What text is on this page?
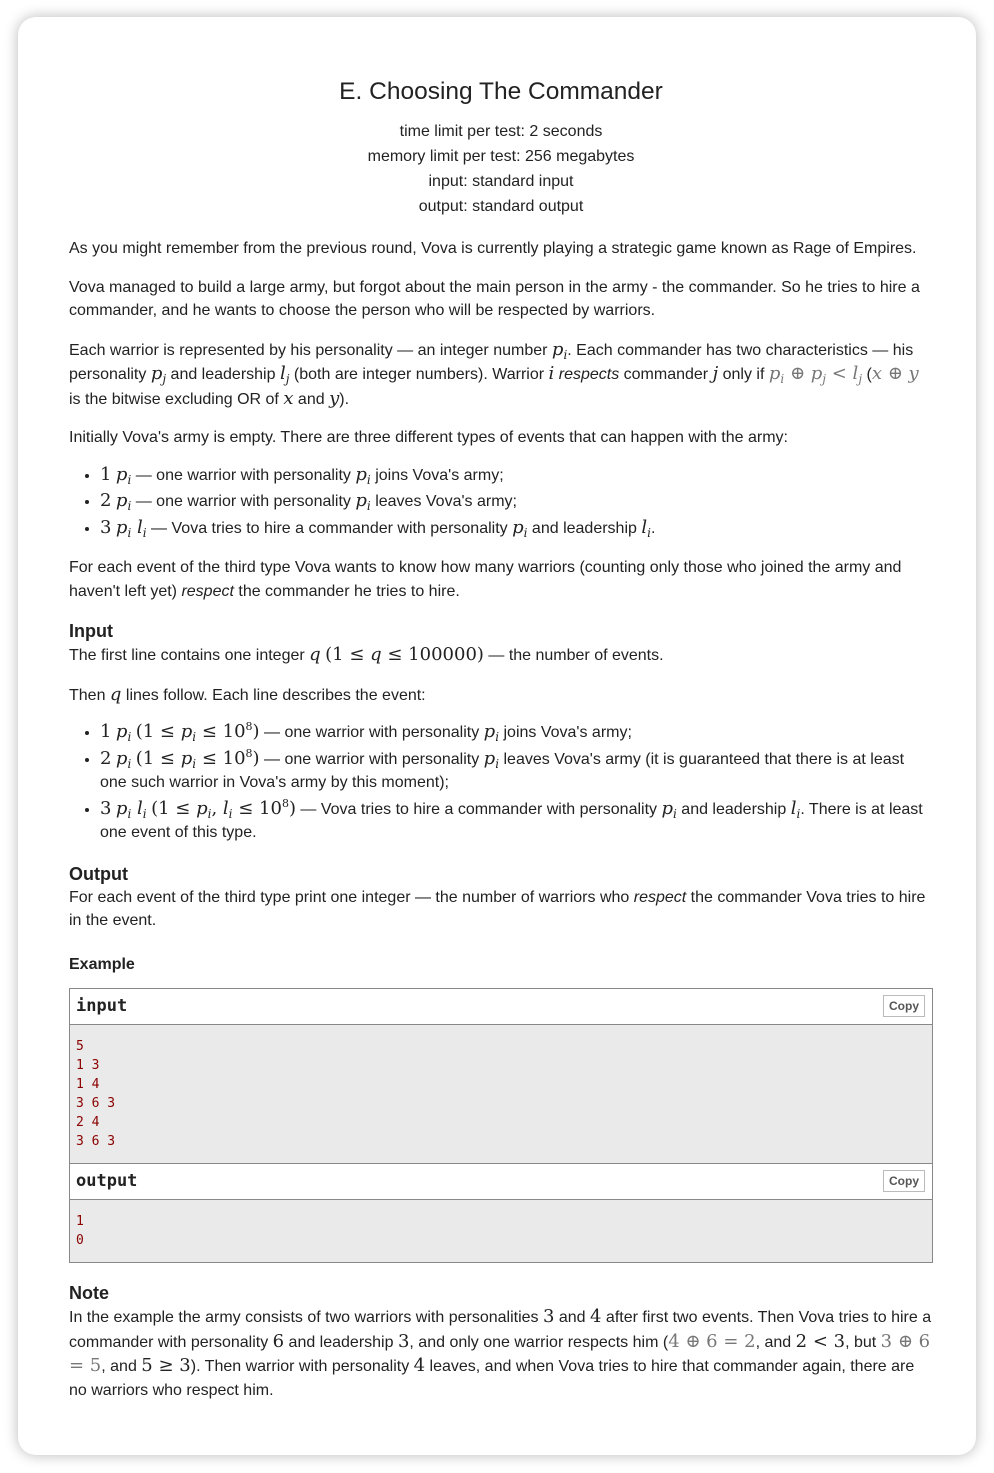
E. Choosing The Commander
time limit per test: 2 seconds
memory limit per test: 256 megabytes
input: standard input
output: standard output

As you might remember from the previous round, Vova is currently playing a strategic game known as Rage of Empires.

Vova managed to build a large army, but forgot about the main person in the army - the commander. So he tries to hire a commander, and he wants to choose the person who will be respected by warriors.

Each warrior is represented by his personality — an integer number $p_i$. Each commander has two characteristics — his personality $p_j$ and leadership $l_j$ (both are integer numbers). Warrior i respects commander j only if $p_i$ ⊕ $p_j < l_j$ (x ⊕ y is the bitwise excluding OR of x and y).

Initially Vova's army is empty. There are three different types of events that can happen with the army:

• 1 $p_i$ — one warrior with personality $p_i$ joins Vova's army;
• 2 $p_i$ — one warrior with personality $p_i$ leaves Vova's army;
• 3 $p_i$ $l_i$ — Vova tries to hire a commander with personality $p_i$ and leadership $l_i$.

For each event of the third type Vova wants to know how many warriors (counting only those who joined the army and haven't left yet) respect the commander he tries to hire.

Input

The first line contains one integer q (1 ≤ q ≤ 100000) — the number of events.

Then q lines follow. Each line describes the event:

• 1 $p_i$ $(1 \le p_i \le 10^8)$ — one warrior with personality $p_i$ joins Vova's army;
• 2 $p_i$ $(1 \le p_i \le 10^8)$ — one warrior with personality $p_i$ leaves Vova's army (it is guaranteed that there is at least one such warrior in Vova's army by this moment);
• 3 $p_i$ $l_i$ ($1 \le p_i$, $l_i \le 10^8$) — Vova tries to hire a commander with personality $p_i$ and leadership $l_i$. There is at least one event of this type.
Output

For each event of the third type print one integer — the number of warriors who respect the commander Vova tries to hire in the event.

Example
input	Copy
5
1 3
1 4
3 6 3
2 4
3 6 3
output	Copy
1
0
Note

In the example the army consists of two warriors with personalities 3 and 4 after first two events. Then Vova tries to hire a commander with personality 6 and leadership 3, and only one warrior respects him (4 ⊕ 6 = 2, and 2 < 3, but 3 ⊕ 6 = 5, and 5 ≥ 3). Then warrior with personality 4 leaves, and when Vova tries to hire that commander again, there are no warriors who respect him.
